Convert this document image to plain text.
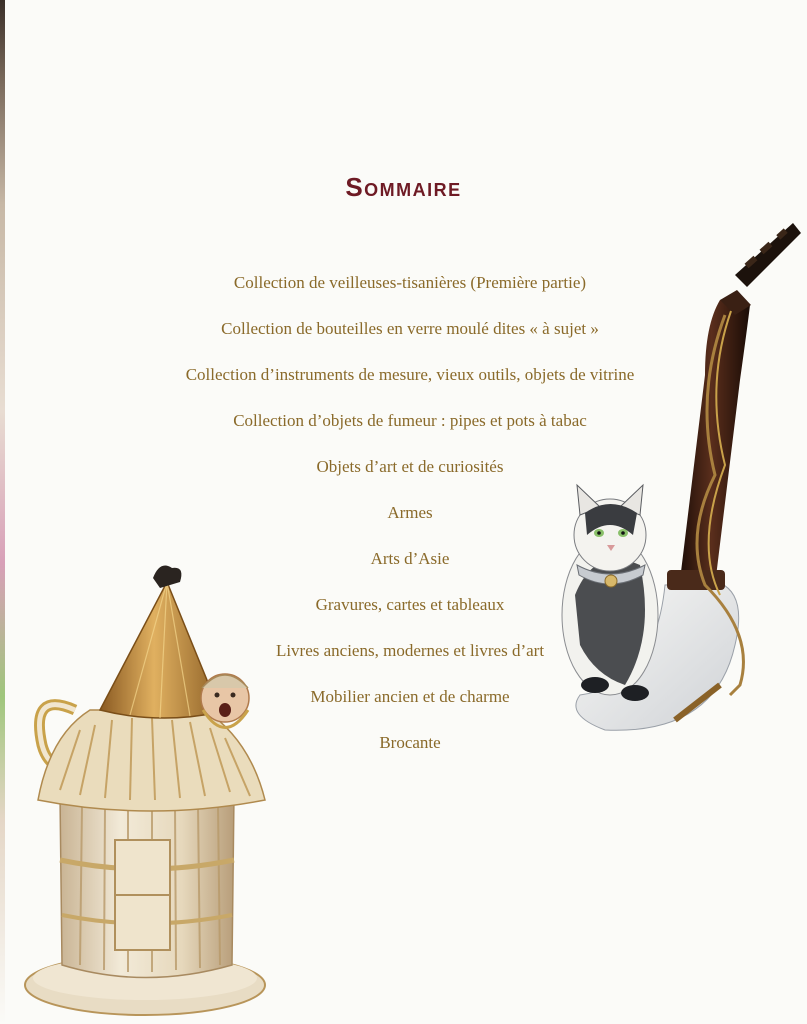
Sommaire
Collection de veilleuses-tisanières (Première partie)
Collection de bouteilles en verre moulé dites « à sujet »
Collection d’instruments de mesure, vieux outils, objets de vitrine
Collection d’objets de fumeur : pipes et pots à tabac
Objets d’art et de curiosités
Armes
Arts d’Asie
Gravures, cartes et tableaux
Livres anciens, modernes et livres d’art
Mobilier ancien et de charme
Brocante
